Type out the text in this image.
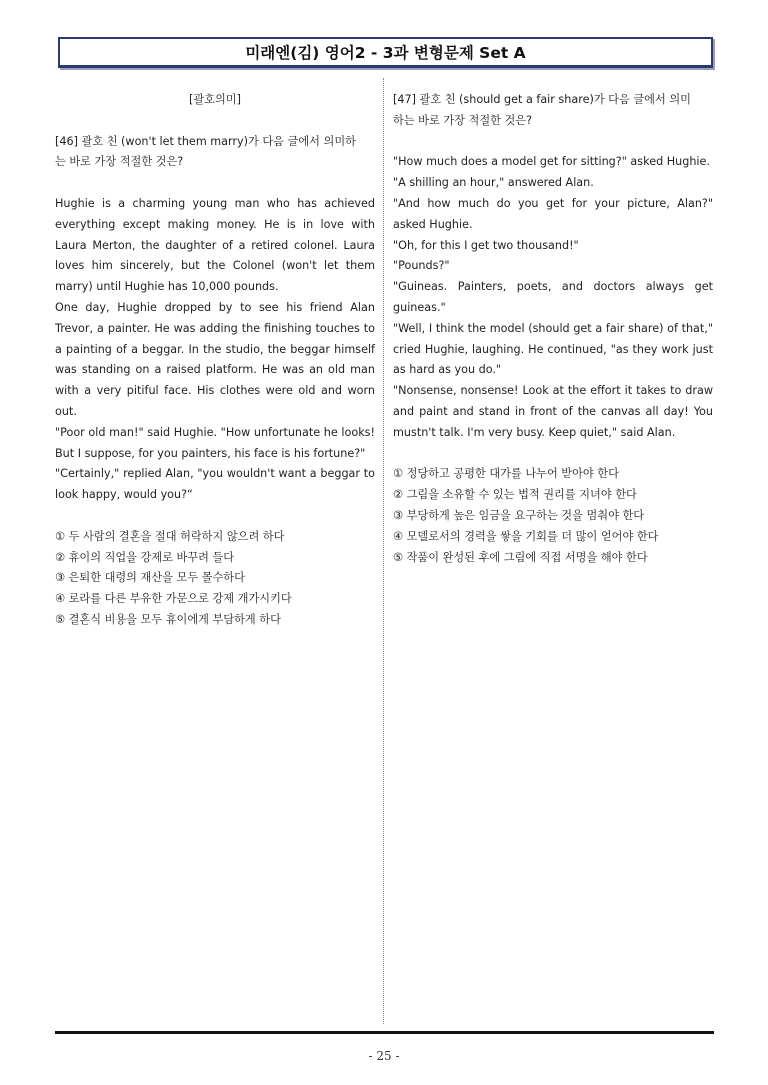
미래엔(김) 영어2 - 3과 변형문제 Set A

[괄호의미]

[46] 괄호 친 (won't let them marry)가 다음 글에서 의미하

는 바로 가장 적절한 것은?

Hughie is a charming young man who has achieved everything except making money. He is in love with Laura Merton, the daughter of a retired colonel. Laura loves him sincerely, but the Colonel (won't let them marry) until Hughie has 10,000 pounds.

One day, Hughie dropped by to see his friend Alan Trevor, a painter. He was adding the finishing touches to a painting of a beggar. In the studio, the beggar himself was standing on a raised platform. He was an old man with a very pitiful face. His clothes were old and worn out.

"Poor old man!" said Hughie. "How unfortunate he looks! But I suppose, for you painters, his face is his fortune?"

"Certainly," replied Alan, "you wouldn't want a beggar to look happy, would you?“

① 두 사람의 결혼을 절대 허락하지 않으려 하다

② 휴이의 직업을 강제로 바꾸려 들다

③ 은퇴한 대령의 재산을 모두 몰수하다

④ 로라를 다른 부유한 가문으로 강제 개가시키다

⑤ 결혼식 비용을 모두 휴이에게 부담하게 하다

[47] 괄호 친 (should get a fair share)가 다음 글에서 의미

하는 바로 가장 적절한 것은?

"How much does a model get for sitting?" asked Hughie.

"A shilling an hour," answered Alan.

"And how much do you get for your picture, Alan?" asked Hughie.

"Oh, for this I get two thousand!"

"Pounds?"

"Guineas. Painters, poets, and doctors always get guineas."

"Well, I think the model (should get a fair share) of that," cried Hughie, laughing. He continued, "as they work just as hard as you do."

"Nonsense, nonsense! Look at the effort it takes to draw and paint and stand in front of the canvas all day! You mustn't talk. I'm very busy. Keep quiet," said Alan.

① 정당하고 공평한 대가를 나누어 받아야 한다

② 그림을 소유할 수 있는 법적 권리를 지녀야 한다

③ 부당하게 높은 임금을 요구하는 것을 멈춰야 한다

④ 모델로서의 경력을 쌓을 기회를 더 많이 얻어야 한다

⑤ 작품이 완성된 후에 그림에 직접 서명을 해야 한다

- 25 -
